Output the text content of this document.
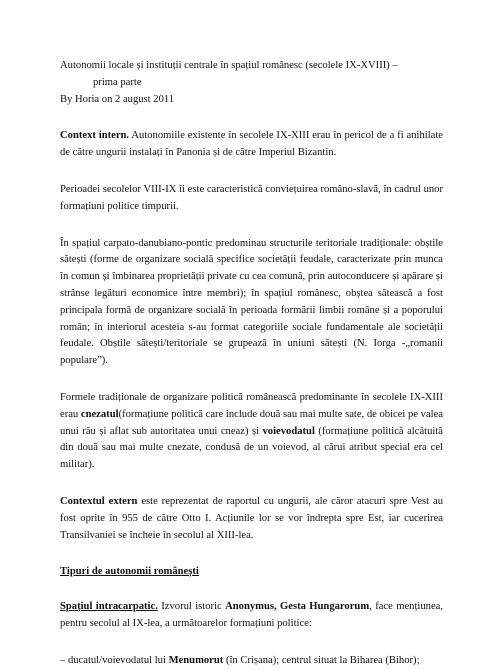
Autonomii locale și instituții centrale în spațiul românesc (secolele IX-XVIII) –
prima parte

By Horia on 2 august 2011

Context intern. Autonomiile existente în secolele IX-XIII erau în pericol de a fi anihilate de către ungurii instalați în Panonia și de către Imperiul Bizantin.

Perioadei secolelor VIII-IX îi este caracteristică conviețuirea româno-slavă, în cadrul unor formațiuni politice timpurii.

În spațiul carpato-danubiano-pontic predominau structurile teritoriale tradiționale: obștile sătești (forme de organizare socială specifice societății feudale, caracterizate prin munca în comun și îmbinarea proprietății private cu cea comună, prin autoconducere și apărare și strânse legături economice între membri); în spațiul românesc, obștea sătească a fost principala formă de organizare socială în perioada formării limbii române și a poporului român; în interiorul acesteia s-au format categoriile sociale fundamentale ale societății feudale. Obștile sătești/teritoriale se grupează în uniuni sătești (N. Iorga -„romanii populare”).

Formele tradiționale de organizare politică românească predominante în secolele IX-XIII erau cnezatul(formațiune politică care include două sau mai multe sate, de obicei pe valea unui râu și aflat sub autoritatea unui cneaz) și voievodatul (formațiune politică alcătuită din două sau mai multe cnezate, condusă de un voievod, al cărui atribut special era cel militar).

Contextul extern este reprezentat de raportul cu ungurii, ale căror atacuri spre Vest au fost oprite în 955 de către Otto I. Acțiunile lor se vor îndrepta spre Est, iar cucerirea Transilvaniei se încheie în secolul al XIII-lea.

Tipuri de autonomii românești

Spațiul intracarpatic. Izvorul istoric Anonymus, Gesta Hungarorum, face mențiunea, pentru secolul al IX-lea, a următoarelor formațiuni politice:

– ducatul/voievodatul lui Menumorut (în Crișana); centrul situat la Biharea (Bihor);
